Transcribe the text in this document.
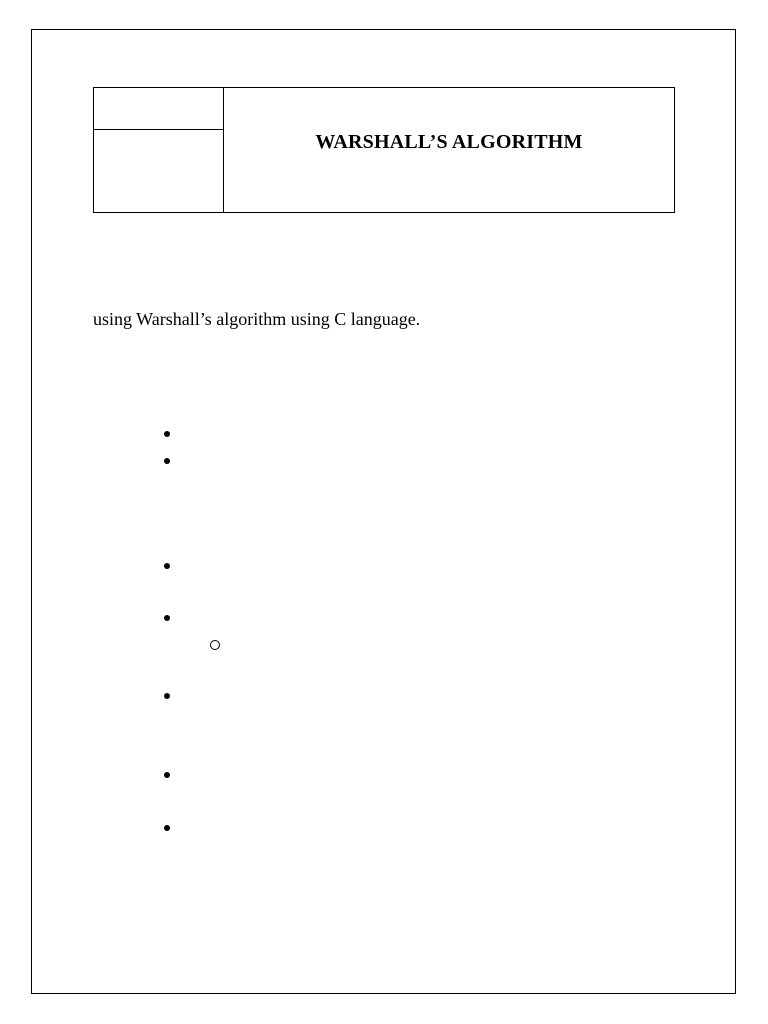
WARSHALL’S ALGORITHM
using Warshall’s algorithm using C language.
